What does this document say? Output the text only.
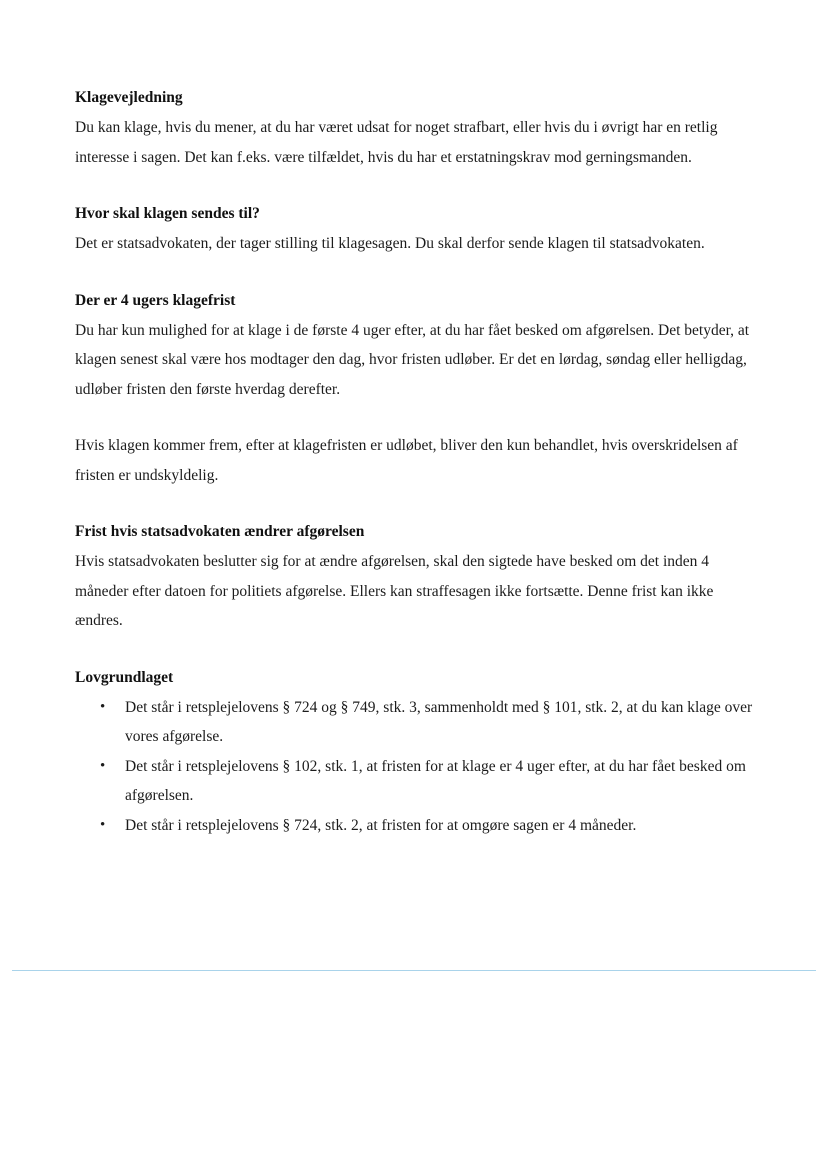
Klagevejledning

Du kan klage, hvis du mener, at du har været udsat for noget strafbart, eller hvis du i øvrigt har en retlig interesse i sagen. Det kan f.eks. være tilfældet, hvis du har et erstatningskrav mod gerningsmanden.

Hvor skal klagen sendes til?

Det er statsadvokaten, der tager stilling til klagesagen. Du skal derfor sende klagen til statsadvokaten.

Der er 4 ugers klagefrist

Du har kun mulighed for at klage i de første 4 uger efter, at du har fået besked om afgørelsen. Det betyder, at klagen senest skal være hos modtager den dag, hvor fristen udløber. Er det en lørdag, søndag eller helligdag, udløber fristen den første hverdag derefter.

Hvis klagen kommer frem, efter at klagefristen er udløbet, bliver den kun behandlet, hvis overskridelsen af fristen er undskyldelig.

Frist hvis statsadvokaten ændrer afgørelsen

Hvis statsadvokaten beslutter sig for at ændre afgørelsen, skal den sigtede have besked om det inden 4 måneder efter datoen for politiets afgørelse. Ellers kan straffesagen ikke fortsætte. Denne frist kan ikke ændres.

Lovgrundlaget
• Det står i retsplejelovens § 724 og § 749, stk. 3, sammenholdt med § 101, stk. 2, at du kan klage over vores afgørelse.
• Det står i retsplejelovens § 102, stk. 1, at fristen for at klage er 4 uger efter, at du har fået besked om afgørelsen.
• Det står i retsplejelovens § 724, stk. 2, at fristen for at omgøre sagen er 4 måneder.
